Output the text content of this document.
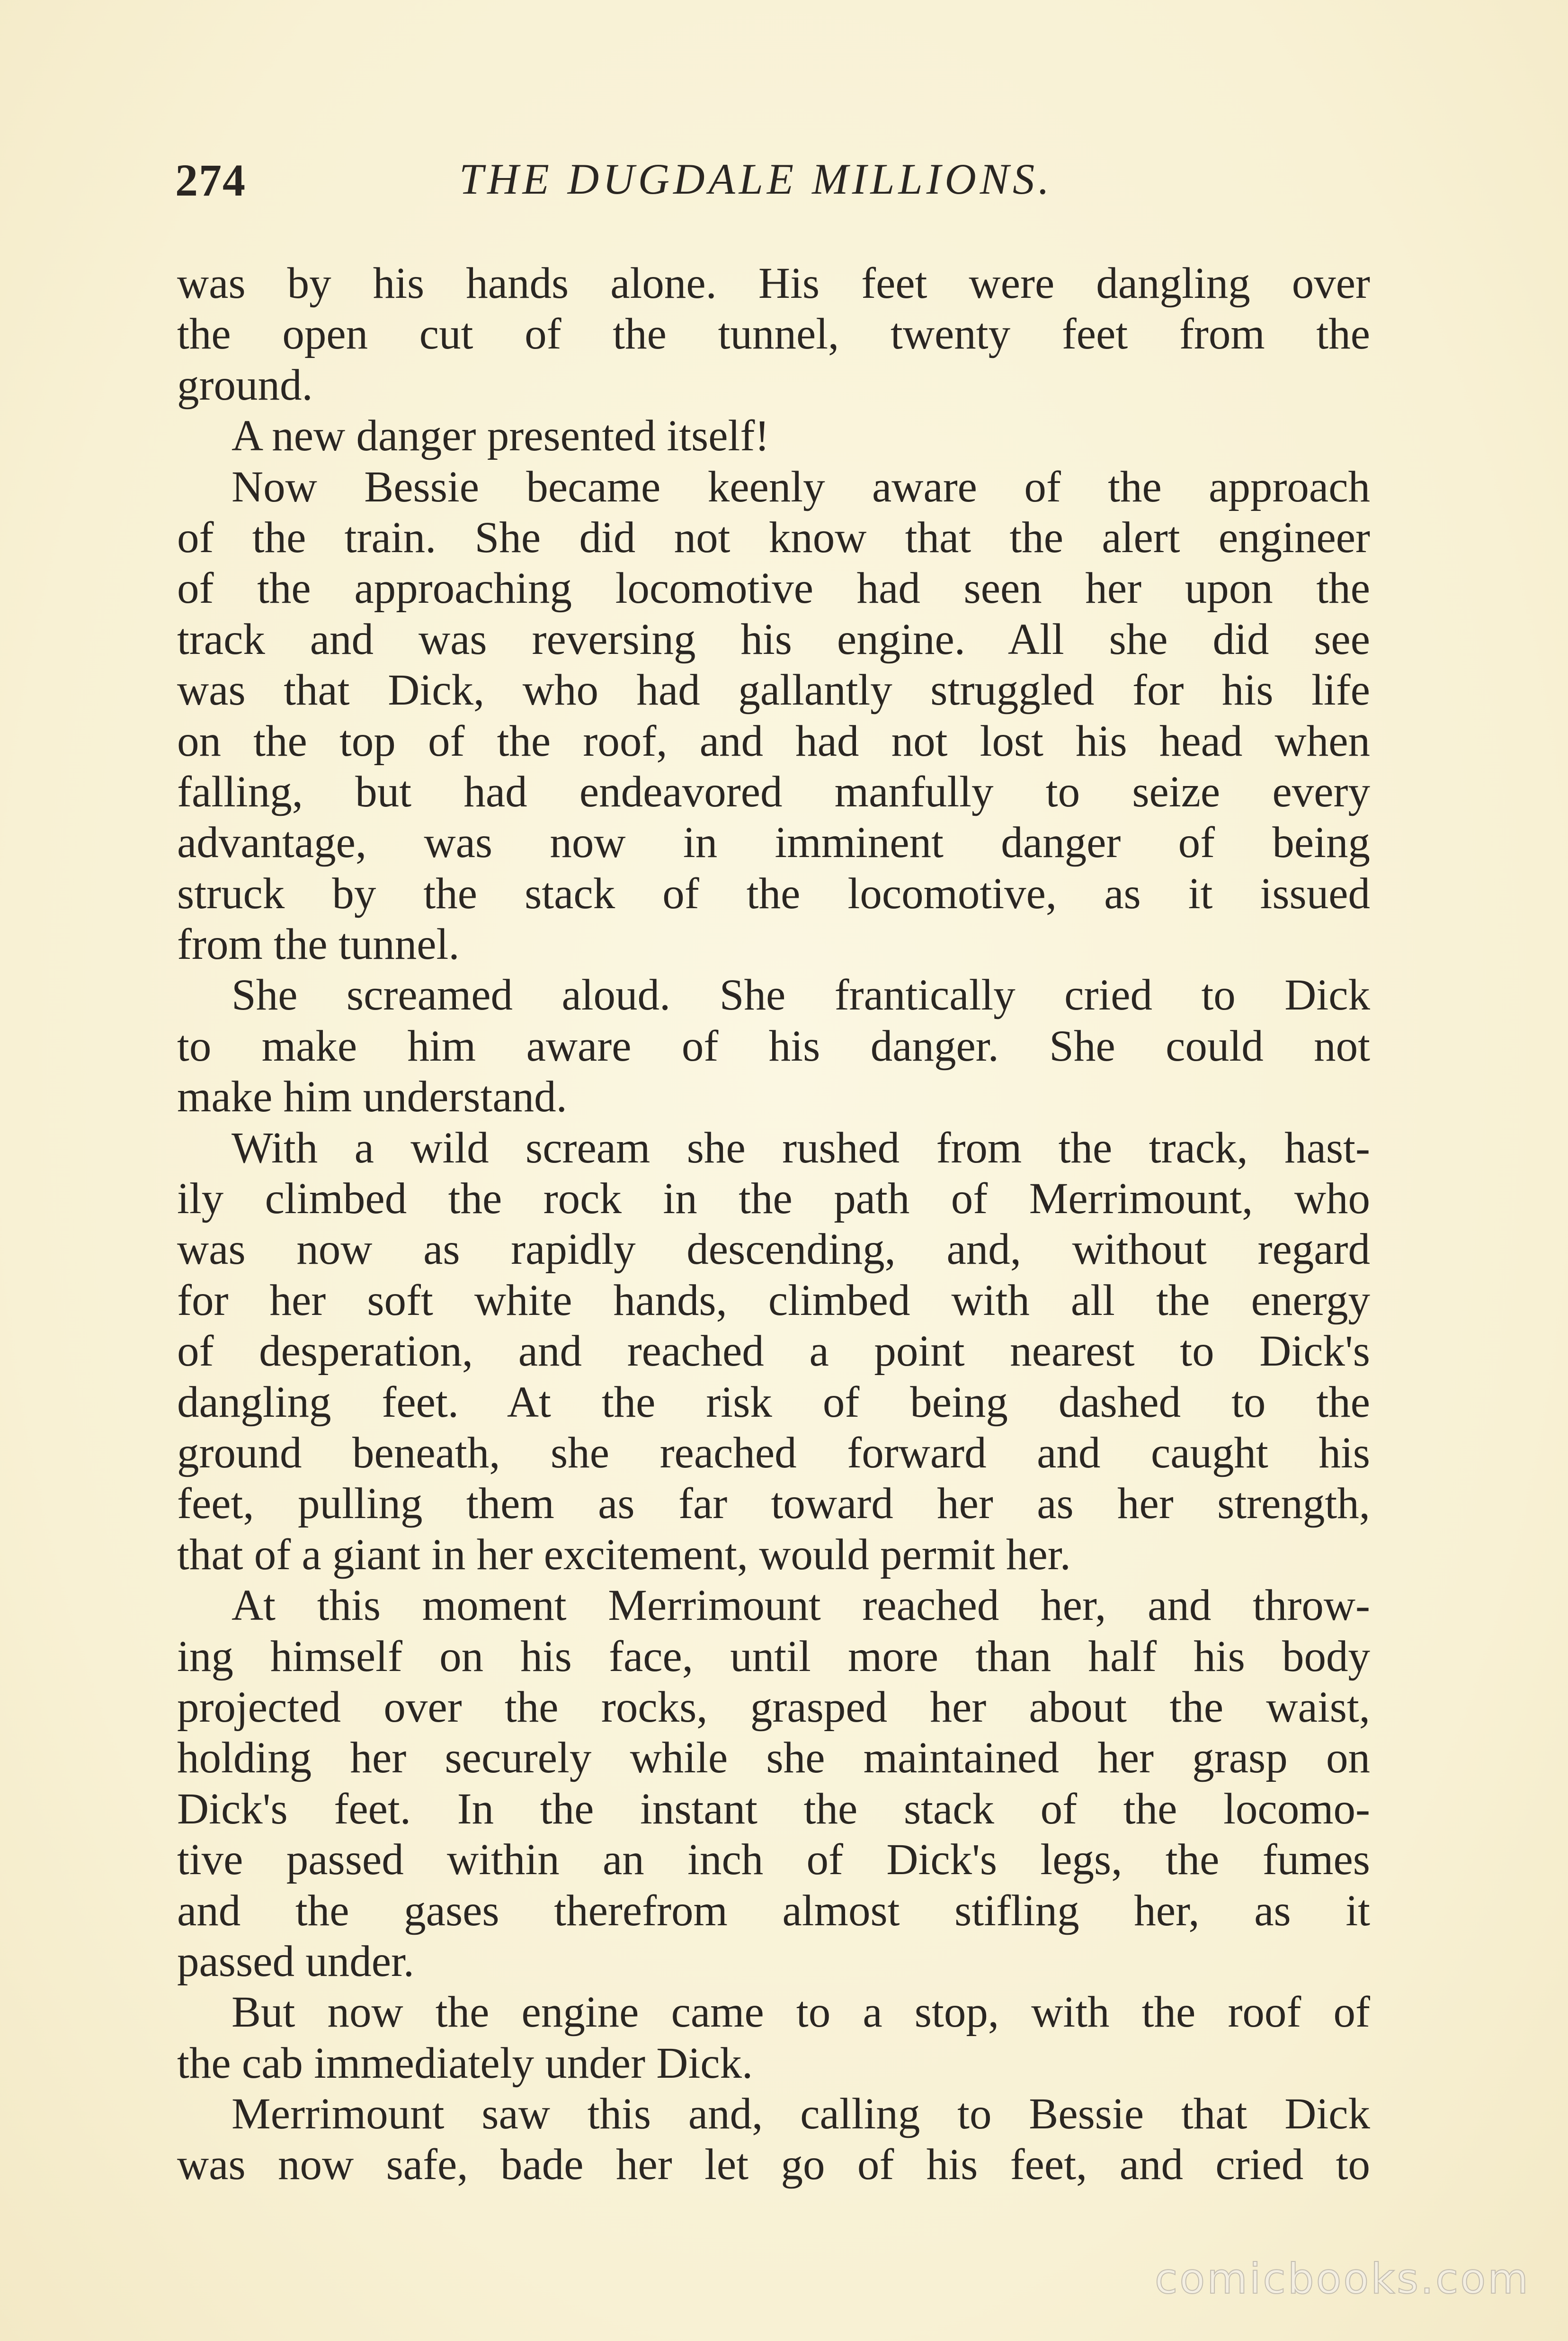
274	THE DUGDALE MILLIONS.
was by his hands alone. His feet were dangling over
the open cut of the tunnel, twenty feet from the
ground.
A new danger presented itself!
Now Bessie became keenly aware of the approach
of the train. She did not know that the alert engineer
of the approaching locomotive had seen her upon the
track and was reversing his engine. All she did see
was that Dick, who had gallantly struggled for his life
on the top of the roof, and had not lost his head when
falling, but had endeavored manfully to seize every
advantage, was now in imminent danger of being
struck by the stack of the locomotive, as it issued
from the tunnel.
She screamed aloud. She frantically cried to Dick
to make him aware of his danger. She could not
make him understand.
With a wild scream she rushed from the track, hast-
ily climbed the rock in the path of Merrimount, who
was now as rapidly descending, and, without regard
for her soft white hands, climbed with all the energy
of desperation, and reached a point nearest to Dick's
dangling feet. At the risk of being dashed to the
ground beneath, she reached forward and caught his
feet, pulling them as far toward her as her strength,
that of a giant in her excitement, would permit her.
At this moment Merrimount reached her, and throw-
ing himself on his face, until more than half his body
projected over the rocks, grasped her about the waist,
holding her securely while she maintained her grasp on
Dick's feet. In the instant the stack of the locomo-
tive passed within an inch of Dick's legs, the fumes
and the gases therefrom almost stifling her, as it
passed under.
But now the engine came to a stop, with the roof of
the cab immediately under Dick.
Merrimount saw this and, calling to Bessie that Dick
was now safe, bade her let go of his feet, and cried to
comicbooks.com
